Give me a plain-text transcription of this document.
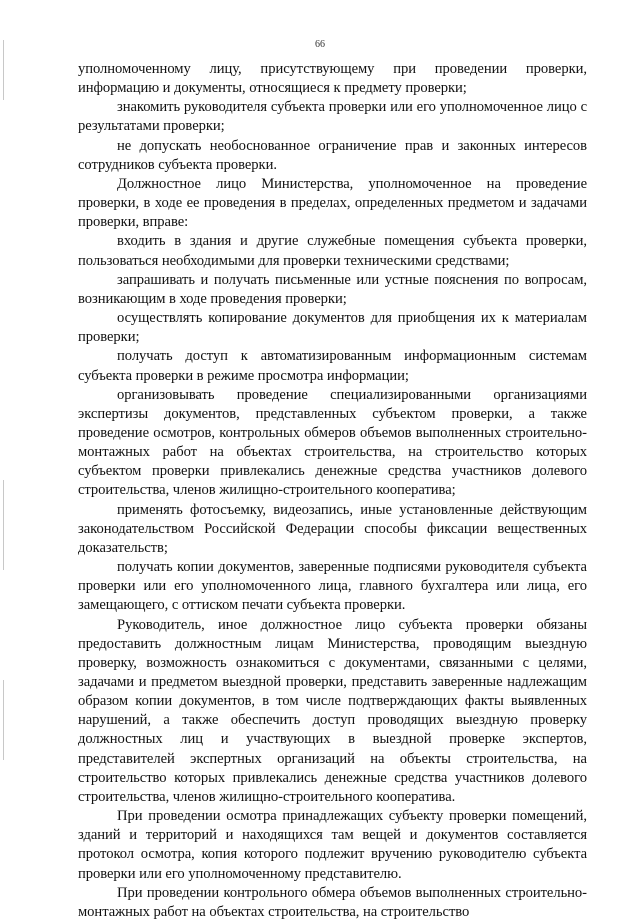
66

уполномоченному лицу, присутствующему при проведении проверки, информацию и документы, относящиеся к предмету проверки;

знакомить руководителя субъекта проверки или его уполномоченное лицо с результатами проверки;

не допускать необоснованное ограничение прав и законных интересов сотрудников субъекта проверки.

Должностное лицо Министерства, уполномоченное на проведение проверки, в ходе ее проведения в пределах, определенных предметом и задачами проверки, вправе:

входить в здания и другие служебные помещения субъекта проверки, пользоваться необходимыми для проверки техническими средствами;

запрашивать и получать письменные или устные пояснения по вопросам, возникающим в ходе проведения проверки;

осуществлять копирование документов для приобщения их к материалам проверки;

получать доступ к автоматизированным информационным системам субъекта проверки в режиме просмотра информации;

организовывать проведение специализированными организациями экспертизы документов, представленных субъектом проверки, а также проведение осмотров, контрольных обмеров объемов выполненных строительно-монтажных работ на объектах строительства, на строительство которых субъектом проверки привлекались денежные средства участников долевого строительства, членов жилищно-строительного кооператива;

применять фотосъемку, видеозапись, иные установленные действующим законодательством Российской Федерации способы фиксации вещественных доказательств;

получать копии документов, заверенные подписями руководителя субъекта проверки или его уполномоченного лица, главного бухгалтера или лица, его замещающего, с оттиском печати субъекта проверки.

Руководитель, иное должностное лицо субъекта проверки обязаны предоставить должностным лицам Министерства, проводящим выездную проверку, возможность ознакомиться с документами, связанными с целями, задачами и предметом выездной проверки, представить заверенные надлежащим образом копии документов, в том числе подтверждающих факты выявленных нарушений, а также обеспечить доступ проводящих выездную проверку должностных лиц и участвующих в выездной проверке экспертов, представителей экспертных организаций на объекты строительства, на строительство которых привлекались денежные средства участников долевого строительства, членов жилищно-строительного кооператива.

При проведении осмотра принадлежащих субъекту проверки помещений, зданий и территорий и находящихся там вещей и документов составляется протокол осмотра, копия которого подлежит вручению руководителю субъекта проверки или его уполномоченному представителю.

При проведении контрольного обмера объемов выполненных строительно-монтажных работ на объектах строительства, на строительство
